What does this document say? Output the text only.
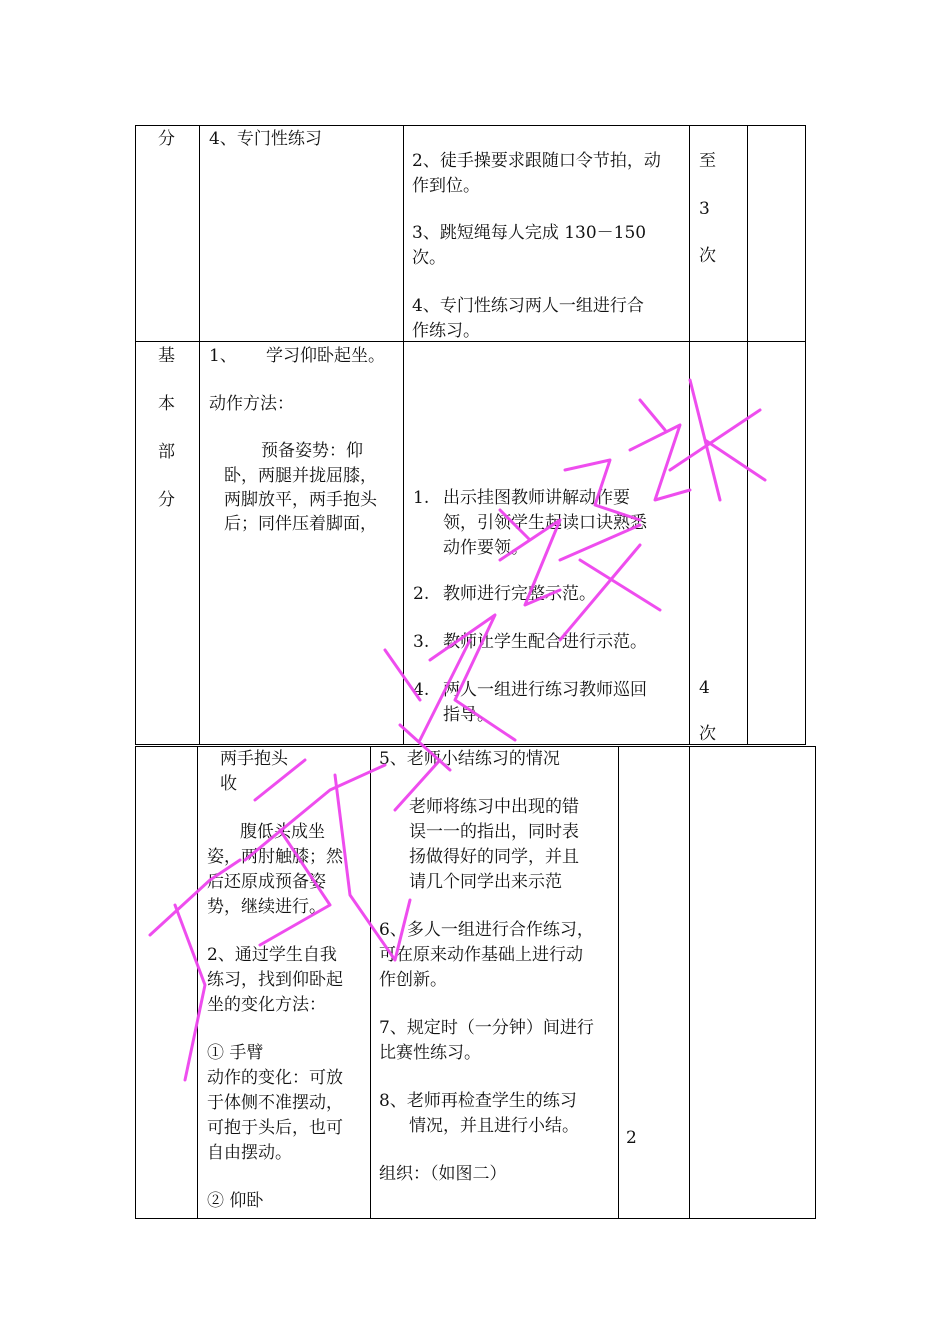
分 4、专门性练习
2、徒手操要求跟随口令节拍，动
作到位。
3、跳短绳每人完成 130－150
次。
4、专门性练习两人一组进行合
作练习。
至
3
次
基
本
部
分
1、 学习仰卧起坐。
动作方法：
预备姿势：仰
卧，两腿并拢屈膝，
两脚放平，两手抱头
后；同伴压着脚面，
1. 出示挂图教师讲解动作要
领，引领学生起读口诀熟悉
动作要领。
2. 教师进行完整示范。
3. 教师让学生配合进行示范。
4. 两人一组进行练习教师巡回
指导。
4
次
两手抱头
收
腹低头成坐
姿，两肘触膝；然
后还原成预备姿
势，继续进行。
2、通过学生自我
练习，找到仰卧起
坐的变化方法：
① 手臂
动作的变化：可放
于体侧不准摆动，
可抱于头后，也可
自由摆动。
② 仰卧
5、老师小结练习的情况
老师将练习中出现的错
误一一的指出，同时表
扬做得好的同学，并且
请几个同学出来示范
6、多人一组进行合作练习，
可在原来动作基础上进行动
作创新。
7、规定时（一分钟）间进行
比赛性练习。
8、老师再检查学生的练习
情况，并且进行小结。
组织：（如图二）
2
武汉设计
